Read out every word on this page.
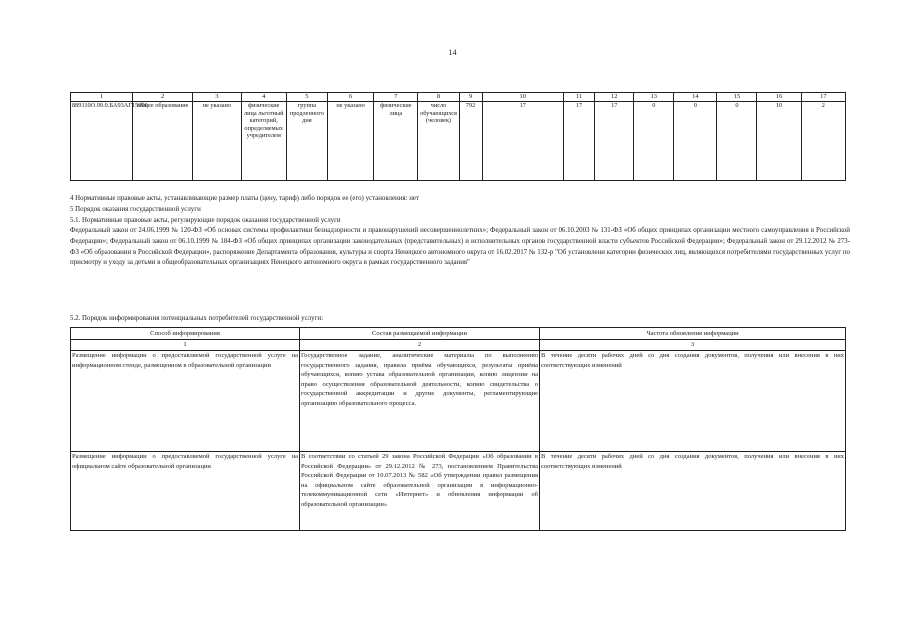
14
1	2	3	4	5	6	7	8	9	10	11	12	13	14	15	16	17
889110О.99.0.БА93АГ15000	общее образование	не указано	физические лица льготный категорий, определяемых учредителем	группа продленного дня	не указано	физические лица	число обучающихся (человек)	792	17	17	17	0	0	0	10	2

4 Нормативные правовые акты, устанавливающие размер платы (цену, тариф) либо порядок ее (его) установления: нет

5 Порядок оказания государственной услуги

5.1. Нормативные правовые акты, регулирующие порядок оказания государственной услуги

Федеральный закон от 24.06.1999 № 120-ФЗ «Об основах системы профилактики безнадзорности и правонарушений несовершеннолетних»; Федеральный закон от 06.10.2003 № 131-ФЗ «Об общих принципах организации местного самоуправления в Российской Федерации»; Федеральный закон от 06.10.1999 № 184-ФЗ «Об общих принципах организации законодательных (представительных) и исполнительных органов государственной власти субъектов Российской Федерации»; Федеральный закон от 29.12.2012 № 273-ФЗ «Об образовании в Российской Федерации», распоряжение Департамента образования, культуры и спорта Ненецкого автономного округа от 16.02.2017 № 132-р "Об установлени категории физических лиц, являющихся потребителями государственных услуг по присмотру и уходу за детьми в общеобразовательных организациях Ненецкого автономного округа в рамках государственного задания"

5.2. Порядок информирования потенциальных потребителей государственной услуги:
Способ информирования	Состав размещаемой информации	Частота обновления информации
1	2	3
Размещение информации о предоставляемой государственной услуге на информационном стенде, размещенном в образовательной организации	Государственное задание, аналитические материалы по выполнению государственного задания, правила приёма обучающихся, результаты приёма обучающихся, копию устава образовательной организации, копию лицензии на право осуществления образовательной деятельности, копию свидетельства о государственной аккредитации и другие документы, регламентирующие организацию образовательного процесса.	В течение десяти рабочих дней со дня создания документов, получения или внесения в них соответствующих изменений
Размещение информации о предоставляемой государственной услуге на официальном сайте образовательной организации	В соответствии со статьей 29 закона Российской Федерации «Об образовании в Российской Федерации» от 29.12.2012 № 273, постановлением Правительства Российской Федерации от 10.07.2013 № 582 «Об утверждении правил размещения на официальном сайте образовательной организации в информационно-телекоммуникационной сети «Интернет» и обновления информации об образовательной организации»	В течение десяти рабочих дней со дня создания документов, получения или внесения в них соответствующих изменений
